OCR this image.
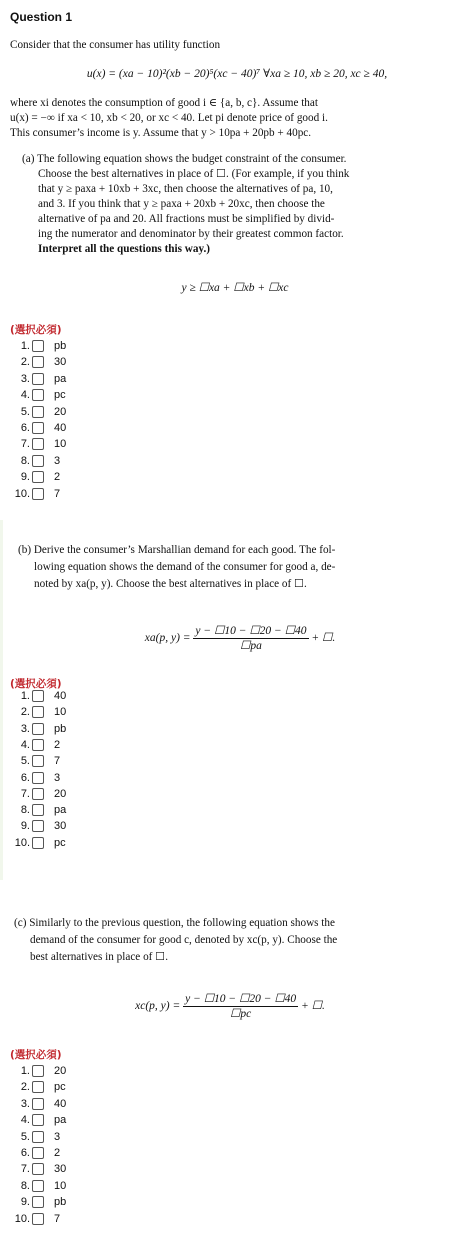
Question 1
Consider that the consumer has utility function
u(x) = (xa − 10)²(xb − 20)⁵(xc − 40)⁷ ∀xa ≥ 10, xb ≥ 20, xc ≥ 40,
where xi denotes the consumption of good i ∈ {a, b, c}. Assume that
u(x) = −∞ if xa < 10, xb < 20, or xc < 40. Let pi denote price of good i.
This consumer’s income is y. Assume that y > 10pa + 20pb + 40pc.
(a) The following equation shows the budget constraint of the consumer.
Choose the best alternatives in place of ☐. (For example, if you think
that y ≥ paxa + 10xb + 3xc, then choose the alternatives of pa, 10,
and 3. If you think that y ≥ paxa + 20xb + 20xc, then choose the
alternative of pa and 20. All fractions must be simplified by divid-
ing the numerator and denominator by their greatest common factor.
Interpret all the questions this way.)
y ≥ ☐xa + ☐xb + ☐xc
(選択必須)
1. pb
2. 30
3. pa
4. pc
5. 20
6. 40
7. 10
8. 3
9. 2
10. 7
(b) Derive the consumer’s Marshallian demand for each good. The fol-
lowing equation shows the demand of the consumer for good a, de-
noted by xa(p, y). Choose the best alternatives in place of ☐.
xa(p, $y) = \frac{y - ☐10 - ☐20 - ☐40}{☐pa}$ + ☐.
(選択必須)
1. 40
2. 10
3. pb
4. 2
5. 7
6. 3
7. 20
8. pa
9. 30
10. pc
(c) Similarly to the previous question, the following equation shows the
demand of the consumer for good c, denoted by xc(p, y). Choose the
best alternatives in place of ☐.
xc(p, $y) = \frac{y - ☐10 - ☐20 - ☐40}{☐pc}$ + ☐.
(選択必須)
1. 20
2. pc
3. 40
4. pa
5. 3
6. 2
7. 30
8. 10
9. pb
10. 7
